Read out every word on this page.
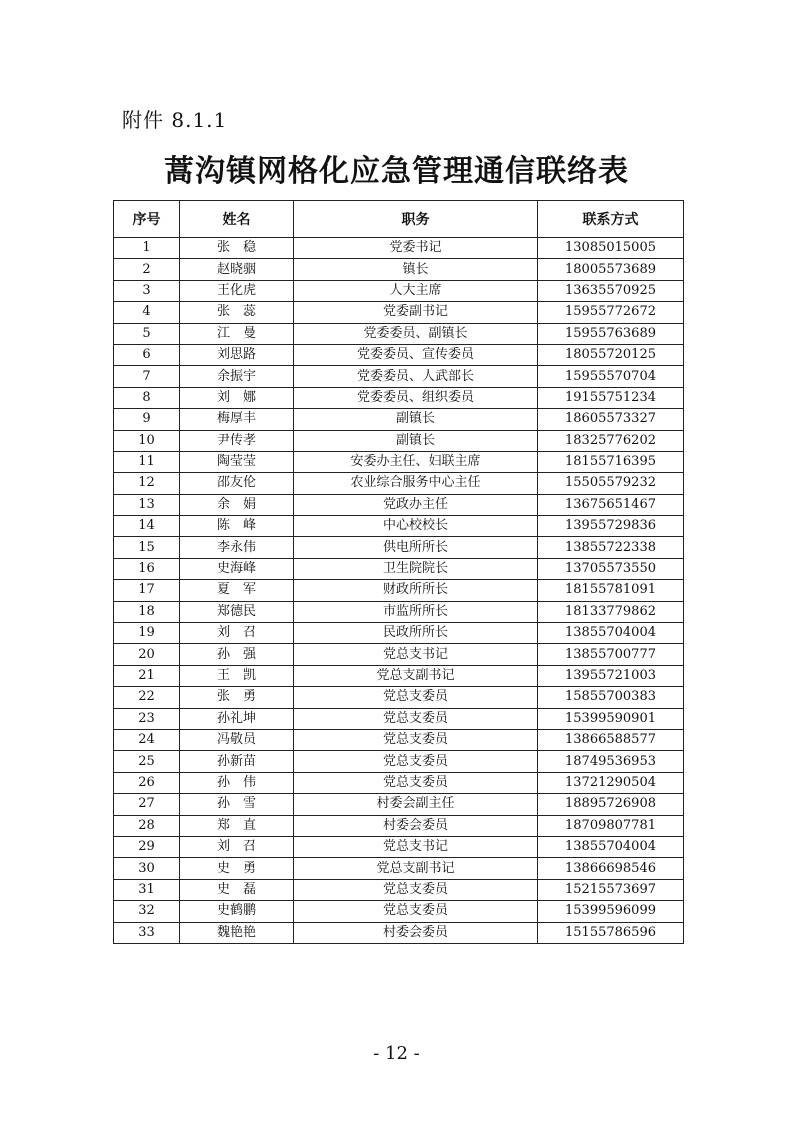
附件 8.1.1
蒿沟镇网格化应急管理通信联络表
序号	姓名	职务	联系方式
1	张　稳	党委书记	13085015005
2	赵晓骃	镇长	18005573689
3	王化虎	人大主席	13635570925
4	张　蕊	党委副书记	15955772672
5	江　曼	党委委员、副镇长	15955763689
6	刘思路	党委委员、宣传委员	18055720125
7	余振宇	党委委员、人武部长	15955570704
8	刘　娜	党委委员、组织委员	19155751234
9	梅厚丰	副镇长	18605573327
10	尹传孝	副镇长	18325776202
11	陶莹莹	安委办主任、妇联主席	18155716395
12	邵友伦	农业综合服务中心主任	15505579232
13	余　娟	党政办主任	13675651467
14	陈　峰	中心校校长	13955729836
15	李永伟	供电所所长	13855722338
16	史海峰	卫生院院长	13705573550
17	夏　军	财政所所长	18155781091
18	郑德民	市监所所长	18133779862
19	刘　召	民政所所长	13855704004
20	孙　强	党总支书记	13855700777
21	王　凯	党总支副书记	13955721003
22	张　勇	党总支委员	15855700383
23	孙礼坤	党总支委员	15399590901
24	冯敬员	党总支委员	13866588577
25	孙新苗	党总支委员	18749536953
26	孙　伟	党总支委员	13721290504
27	孙　雪	村委会副主任	18895726908
28	郑　直	村委会委员	18709807781
29	刘　召	党总支书记	13855704004
30	史　勇	党总支副书记	13866698546
31	史　磊	党总支委员	15215573697
32	史鹤鹏	党总支委员	15399596099
33	魏艳艳	村委会委员	15155786596
- 12 -
